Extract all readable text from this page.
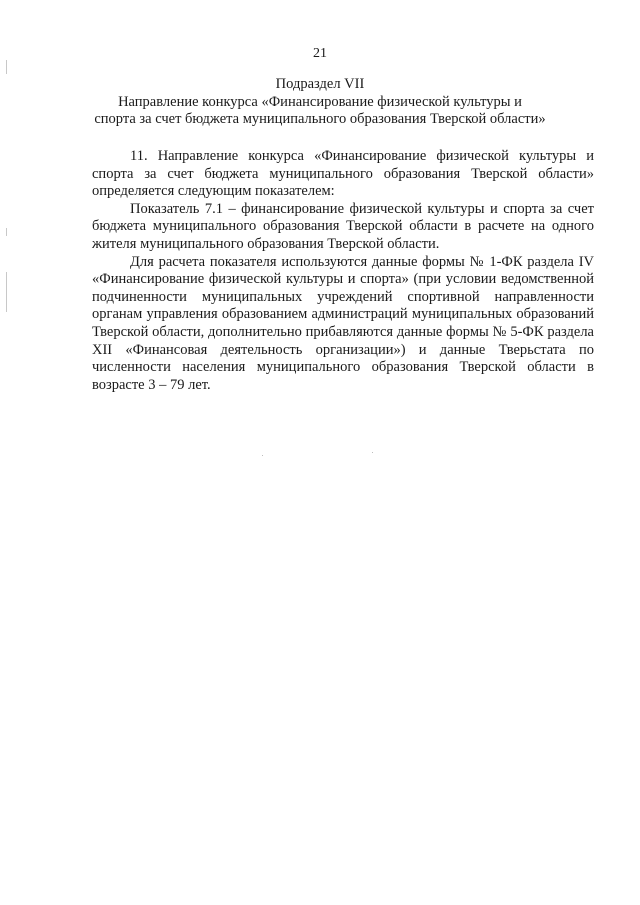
21
Подраздел VII
Направление конкурса «Финансирование физической культуры и
спорта за счет бюджета муниципального образования Тверской области»

11. Направление конкурса «Финансирование физической культуры и спорта за счет бюджета муниципального образования Тверской области» определяется следующим показателем:

Показатель 7.1 – финансирование физической культуры и спорта за счет бюджета муниципального образования Тверской области в расчете на одного жителя муниципального образования Тверской области.

Для расчета показателя используются данные формы № 1-ФК раздела IV «Финансирование физической культуры и спорта» (при условии ведомственной подчиненности муниципальных учреждений спортивной направленности органам управления образованием администраций муниципальных образований Тверской области, дополнительно прибавляются данные формы № 5-ФК раздела XII «Финансовая деятельность организации») и данные Тверьстата по численности населения муниципального образования Тверской области в возрасте 3 – 79 лет.
